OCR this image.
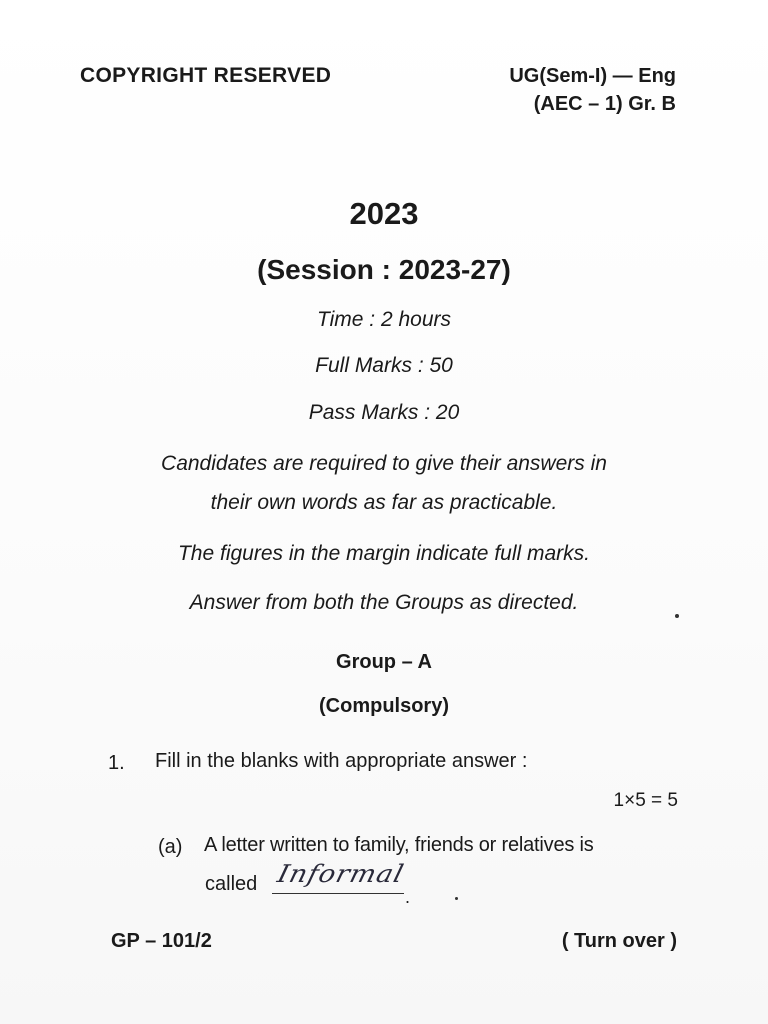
COPYRIGHT RESERVED	UG(Sem-I) — Eng
(AEC – 1) Gr. B
2023
(Session : 2023-27)
Time : 2 hours
Full Marks : 50
Pass Marks : 20
Candidates are required to give their answers in
their own words as far as practicable.
The figures in the margin indicate full marks.
Answer from both the Groups as directed.
Group – A
(Compulsory)
1. Fill in the blanks with appropriate answer :
1×5 = 5
(a) A letter written to family, friends or relatives is
called Informal
.
GP – 101/2	( Turn over )
